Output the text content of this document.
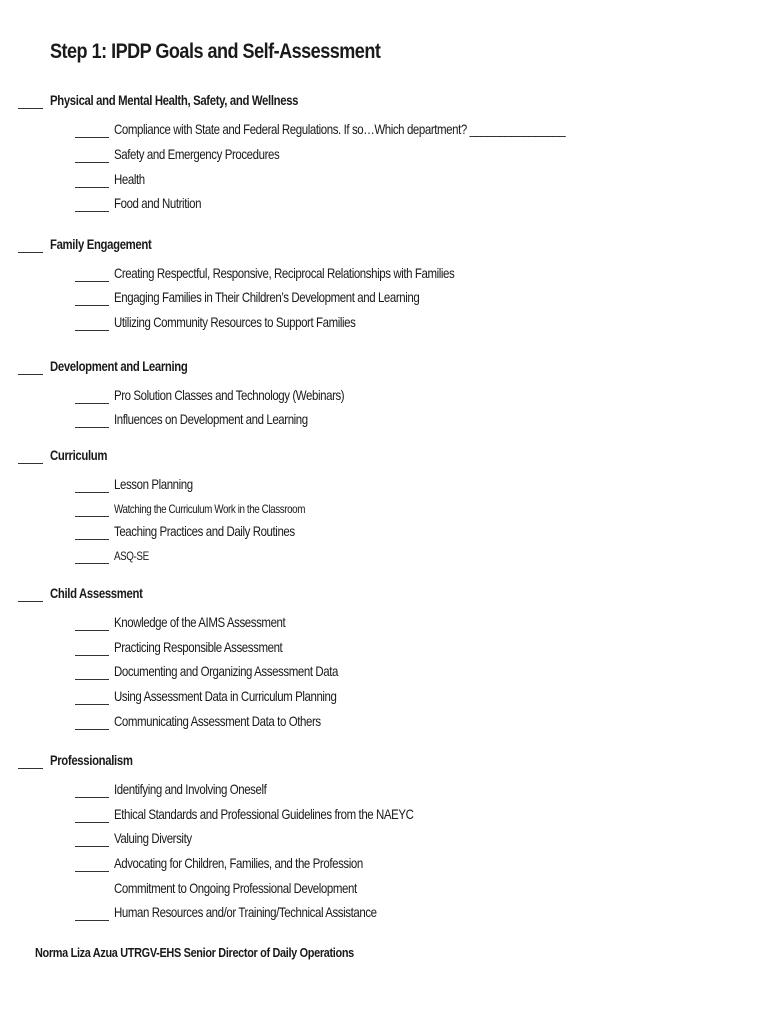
Step 1: IPDP Goals and Self-Assessment
Physical and Mental Health, Safety, and Wellness
Compliance with State and Federal Regulations. If so…Which department? ________________
Safety and Emergency Procedures
Health
Food and Nutrition
Family Engagement
Creating Respectful, Responsive, Reciprocal Relationships with Families
Engaging Families in Their Children’s Development and Learning
Utilizing Community Resources to Support Families
Development and Learning
Pro Solution Classes and Technology (Webinars)
Influences on Development and Learning
Curriculum
Lesson Planning
Watching the Curriculum Work in the Classroom
Teaching Practices and Daily Routines
ASQ-SE
Child Assessment
Knowledge of the AIMS Assessment
Practicing Responsible Assessment
Documenting and Organizing Assessment Data
Using Assessment Data in Curriculum Planning
Communicating Assessment Data to Others
Professionalism
Identifying and Involving Oneself
Ethical Standards and Professional Guidelines from the NAEYC
Valuing Diversity
Advocating for Children, Families, and the Profession
Commitment to Ongoing Professional Development
Human Resources and/or Training/Technical Assistance
Norma Liza Azua UTRGV-EHS Senior Director of Daily Operations
